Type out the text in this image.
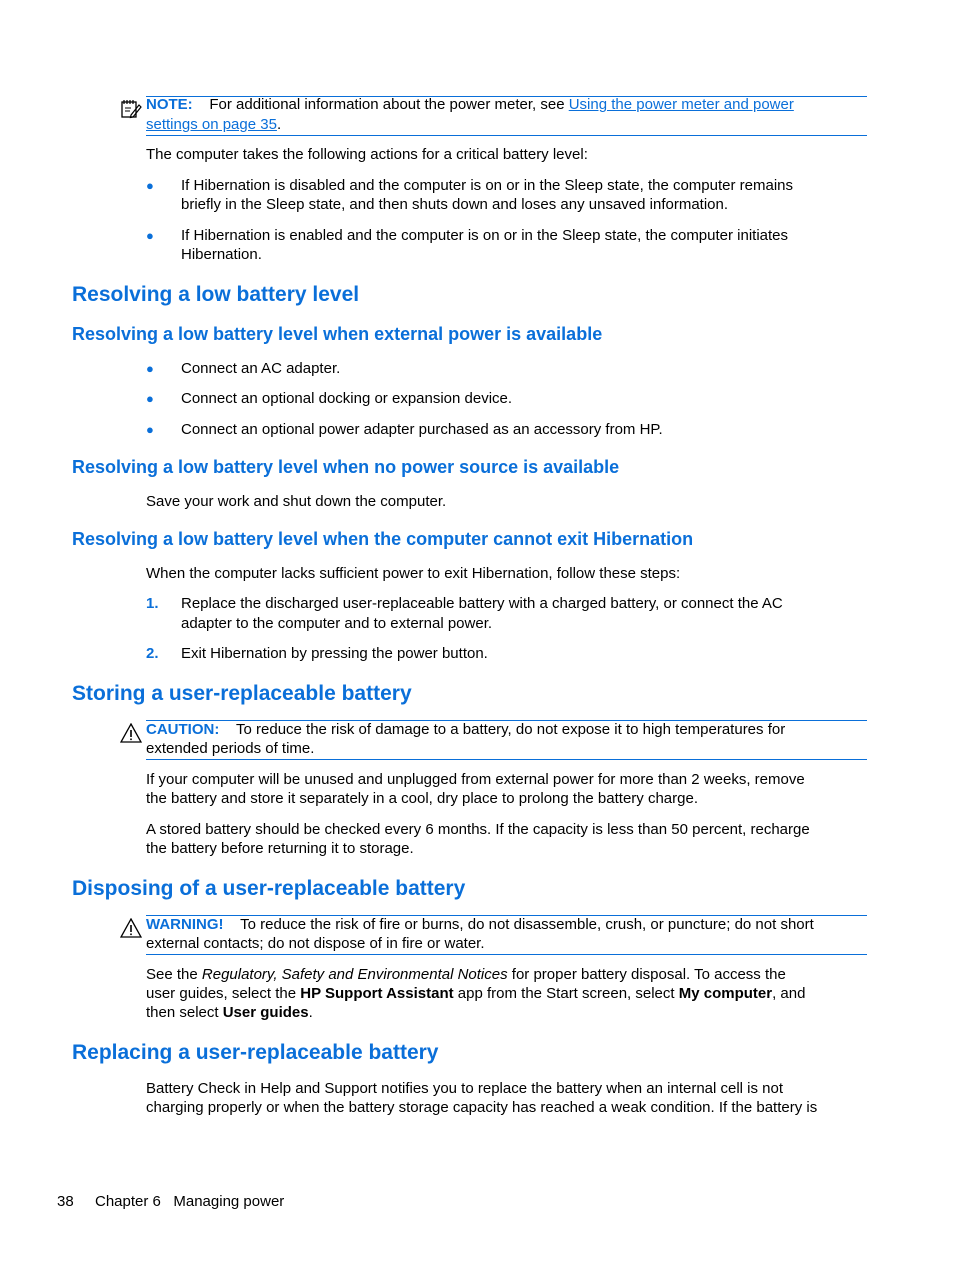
NOTE: For additional information about the power meter, see Using the power meter and power
settings on page 35.
The computer takes the following actions for a critical battery level:
● If Hibernation is disabled and the computer is on or in the Sleep state, the computer remains
briefly in the Sleep state, and then shuts down and loses any unsaved information.
● If Hibernation is enabled and the computer is on or in the Sleep state, the computer initiates
Hibernation.
Resolving a low battery level
Resolving a low battery level when external power is available
● Connect an AC adapter.
● Connect an optional docking or expansion device.
● Connect an optional power adapter purchased as an accessory from HP.
Resolving a low battery level when no power source is available
Save your work and shut down the computer.
Resolving a low battery level when the computer cannot exit Hibernation
When the computer lacks sufficient power to exit Hibernation, follow these steps:
1. Replace the discharged user-replaceable battery with a charged battery, or connect the AC
adapter to the computer and to external power.
2. Exit Hibernation by pressing the power button.
Storing a user-replaceable battery
CAUTION: To reduce the risk of damage to a battery, do not expose it to high temperatures for
extended periods of time.
If your computer will be unused and unplugged from external power for more than 2 weeks, remove
the battery and store it separately in a cool, dry place to prolong the battery charge.
A stored battery should be checked every 6 months. If the capacity is less than 50 percent, recharge
the battery before returning it to storage.
Disposing of a user-replaceable battery
WARNING! To reduce the risk of fire or burns, do not disassemble, crush, or puncture; do not short
external contacts; do not dispose of in fire or water.
See the Regulatory, Safety and Environmental Notices for proper battery disposal. To access the
user guides, select the HP Support Assistant app from the Start screen, select My computer, and
then select User guides.
Replacing a user-replaceable battery
Battery Check in Help and Support notifies you to replace the battery when an internal cell is not
charging properly or when the battery storage capacity has reached a weak condition. If the battery is
38 Chapter 6   Managing power
